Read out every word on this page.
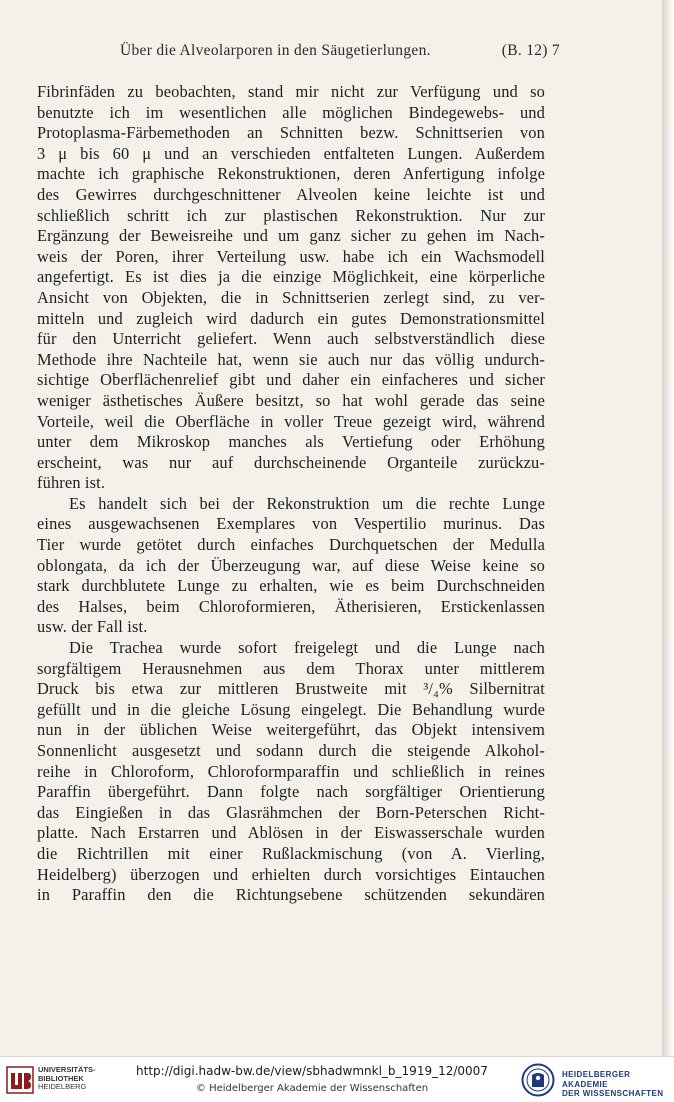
Über die Alveolarporen in den Säugetierlungen.	(B. 12) 7
Fibrinfäden zu beobachten, stand mir nicht zur Verfügung und so
benutzte ich im wesentlichen alle möglichen Bindegewebs- und
Protoplasma-Färbemethoden an Schnitten bezw. Schnittserien von
3 μ bis 60 μ und an verschieden entfalteten Lungen. Außerdem
machte ich graphische Rekonstruktionen, deren Anfertigung infolge
des Gewirres durchgeschnittener Alveolen keine leichte ist und
schließlich schritt ich zur plastischen Rekonstruktion. Nur zur
Ergänzung der Beweisreihe und um ganz sicher zu gehen im Nach-
weis der Poren, ihrer Verteilung usw. habe ich ein Wachsmodell
angefertigt. Es ist dies ja die einzige Möglichkeit, eine körperliche
Ansicht von Objekten, die in Schnittserien zerlegt sind, zu ver-
mitteln und zugleich wird dadurch ein gutes Demonstrationsmittel
für den Unterricht geliefert. Wenn auch selbstverständlich diese
Methode ihre Nachteile hat, wenn sie auch nur das völlig undurch-
sichtige Oberflächenrelief gibt und daher ein einfacheres und sicher
weniger ästhetisches Äußere besitzt, so hat wohl gerade das seine
Vorteile, weil die Oberfläche in voller Treue gezeigt wird, während
unter dem Mikroskop manches als Vertiefung oder Erhöhung
erscheint, was nur auf durchscheinende Organteile zurückzu-
führen ist.
Es handelt sich bei der Rekonstruktion um die rechte Lunge
eines ausgewachsenen Exemplares von Vespertilio murinus. Das
Tier wurde getötet durch einfaches Durchquetschen der Medulla
oblongata, da ich der Überzeugung war, auf diese Weise keine so
stark durchblutete Lunge zu erhalten, wie es beim Durchschneiden
des Halses, beim Chloroformieren, Ätherisieren, Erstickenlassen
usw. der Fall ist.
Die Trachea wurde sofort freigelegt und die Lunge nach
sorgfältigem Herausnehmen aus dem Thorax unter mittlerem
Druck bis etwa zur mittleren Brustweite mit ³/₄% Silbernitrat
gefüllt und in die gleiche Lösung eingelegt. Die Behandlung wurde
nun in der üblichen Weise weitergeführt, das Objekt intensivem
Sonnenlicht ausgesetzt und sodann durch die steigende Alkohol-
reihe in Chloroform, Chloroformparaffin und schließlich in reines
Paraffin übergeführt. Dann folgte nach sorgfältiger Orientierung
das Eingießen in das Glasrähmchen der Born-Peterschen Richt-
platte. Nach Erstarren und Ablösen in der Eiswasserschale wurden
die Richtrillen mit einer Rußlackmischung (von A. Vierling,
Heidelberg) überzogen und erhielten durch vorsichtiges Eintauchen
in Paraffin den die Richtungsebene schützenden sekundären
UNIVERSITÄTS-
BIBLIOTHEK
HEIDELBERG
http://digi.hadw-bw.de/view/sbhadwmnkl_b_1919_12/0007
© Heidelberger Akademie der Wissenschaften
HEIDELBERGER AKADEMIE
DER WISSENSCHAFTEN
